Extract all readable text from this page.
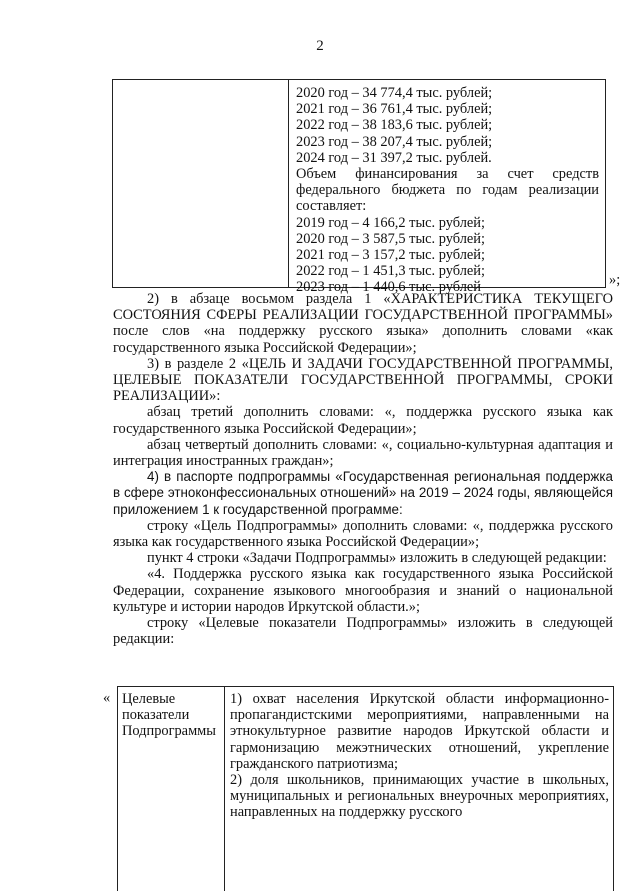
2
2020 год – 34 774,4 тыс. рублей;
2021 год – 36 761,4 тыс. рублей;
2022 год – 38 183,6 тыс. рублей;
2023 год – 38 207,4 тыс. рублей;
2024 год – 31 397,2 тыс. рублей.
Объем финансирования за счет средств федерального бюджета по годам реализации составляет:
2019 год – 4 166,2 тыс. рублей;
2020 год – 3 587,5 тыс. рублей;
2021 год – 3 157,2 тыс. рублей;
2022 год – 1 451,3 тыс. рублей;
2023 год – 1 440,6 тыс. рублей	»;

2) в абзаце восьмом раздела 1 «ХАРАКТЕРИСТИКА ТЕКУЩЕГО СОСТОЯНИЯ СФЕРЫ РЕАЛИЗАЦИИ ГОСУДАРСТВЕННОЙ ПРОГРАММЫ» после слов «на поддержку русского языка» дополнить словами «как государственного языка Российской Федерации»;

3) в разделе 2 «ЦЕЛЬ И ЗАДАЧИ ГОСУДАРСТВЕННОЙ ПРОГРАММЫ, ЦЕЛЕВЫЕ ПОКАЗАТЕЛИ ГОСУДАРСТВЕННОЙ ПРОГРАММЫ, СРОКИ РЕАЛИЗАЦИИ»:

абзац третий дополнить словами: «, поддержка русского языка как государственного языка Российской Федерации»;

абзац четвертый дополнить словами: «, социально-культурная адаптация и интеграция иностранных граждан»;

4) в паспорте подпрограммы «Государственная региональная поддержка в сфере этноконфессиональных отношений» на 2019 – 2024 годы, являющейся приложением 1 к государственной программе:

строку «Цель Подпрограммы» дополнить словами: «, поддержка русского языка как государственного языка Российской Федерации»;

пункт 4 строки «Задачи Подпрограммы» изложить в следующей редакции:

«4. Поддержка русского языка как государственного языка Российской Федерации, сохранение языкового многообразия и знаний о национальной культуре и истории народов Иркутской области.»;

строку «Целевые показатели Подпрограммы» изложить в следующей редакции:

« Целевые показатели Подпрограммы
1) охват населения Иркутской области информационно-пропагандистскими мероприятиями, направленными на этнокультурное развитие народов Иркутской области и гармонизацию межэтнических отношений, укрепление гражданского патриотизма;
2) доля школьников, принимающих участие в школьных, муниципальных и региональных внеурочных мероприятиях, направленных на поддержку русского
